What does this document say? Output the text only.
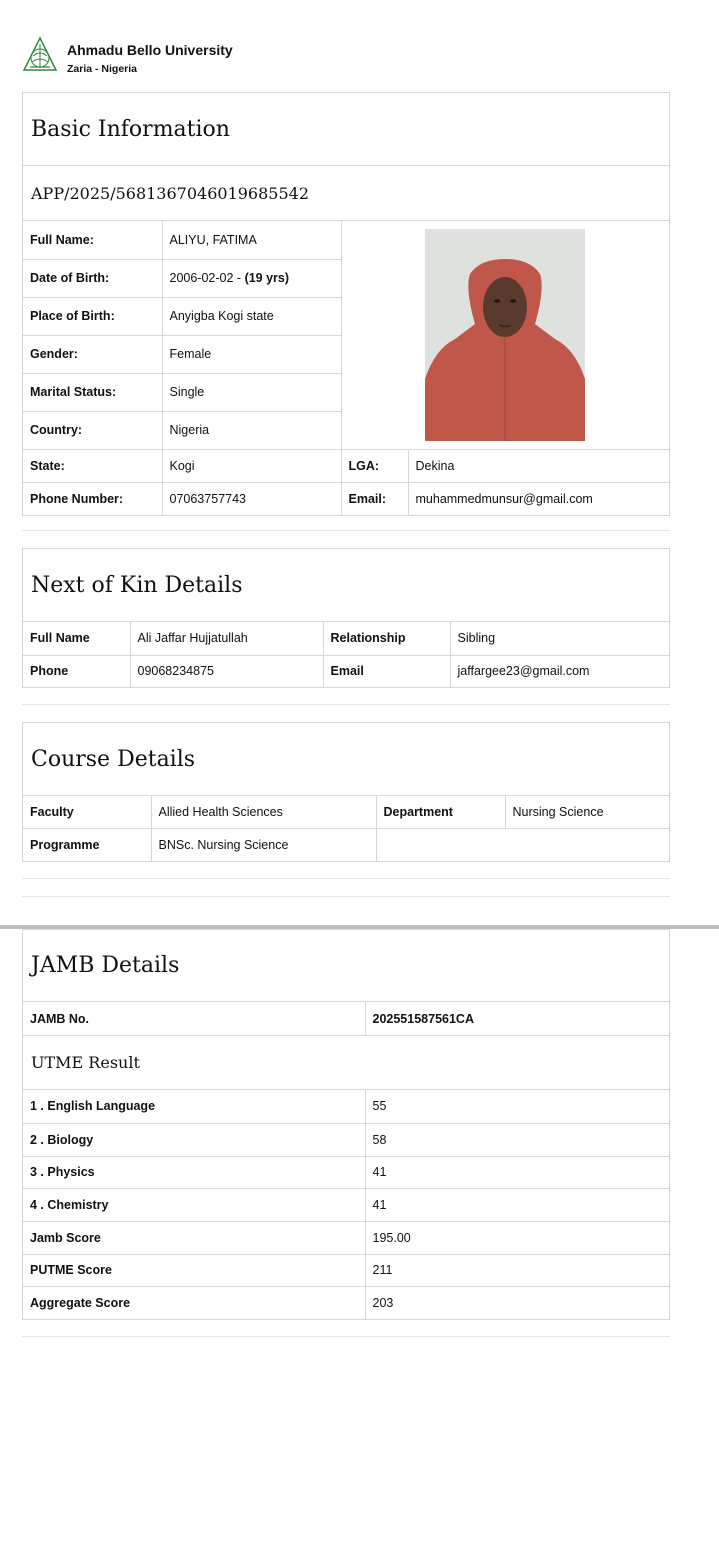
Ahmadu Bello University
Zaria - Nigeria
Basic Information
APP/2025/5681367046019685542
Full Name:	ALIYU, FATIMA	

Date of Birth:	2006-02-02 - (19 yrs)		
Place of Birth:	Anyigba Kogi state		
Gender:	Female		
Marital Status:	Single		
Country:	Nigeria		
State:	Kogi	LGA:	Dekina
Phone Number:	07063757743	Email:	muhammedmunsur@gmail.com
Next of Kin Details
Full Name	Ali Jaffar Hujjatullah	Relationship	Sibling
Phone	09068234875	Email	jaffargee23@gmail.com
Course Details
Faculty	Allied Health Sciences	Department	Nursing Science
Programme	BNSc. Nursing Science		
JAMB Details
JAMB No.	202551587561CA
UTME Result
1 . English Language	55
2 . Biology	58
3 . Physics	41
4 . Chemistry	41
Jamb Score	195.00
PUTME Score	211
Aggregate Score	203
